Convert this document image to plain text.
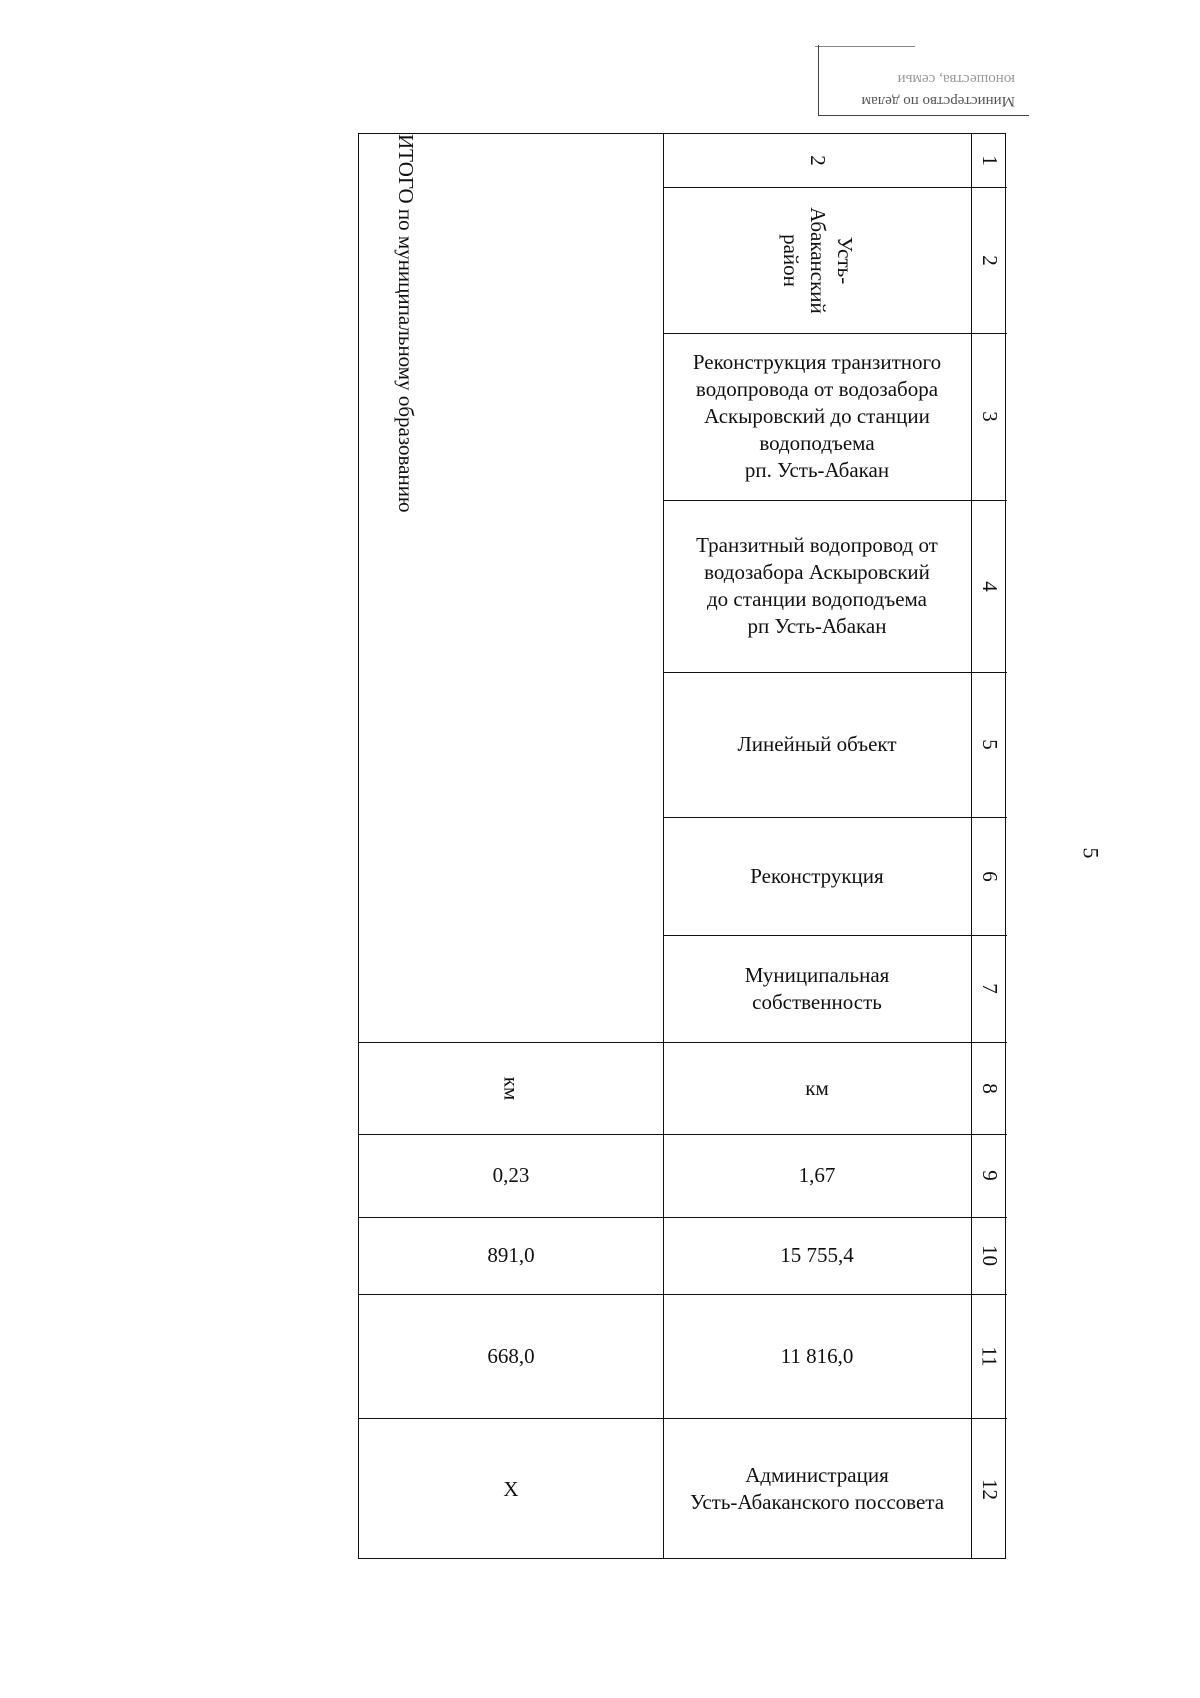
Министерство по делам
юношества, семьи
5
1
2
3
4
5
6
7
8
9
10
11
12
2
Усть-
Абаканский
район
Реконструкция транзитного
водопровода от водозабора
Аскыровский до станции
водоподъема
рп. Усть-Абакан
Транзитный водопровод от
водозабора Аскыровский
до станции водоподъема
рп Усть-Абакан
Линейный объект
Реконструкция
Муниципальная
собственность
км
1,67
15 755,4
11 816,0
Администрация
Усть-Абаканского поссовета
ИТОГО по муниципальному образованию
км
0,23
891,0
668,0
Х
